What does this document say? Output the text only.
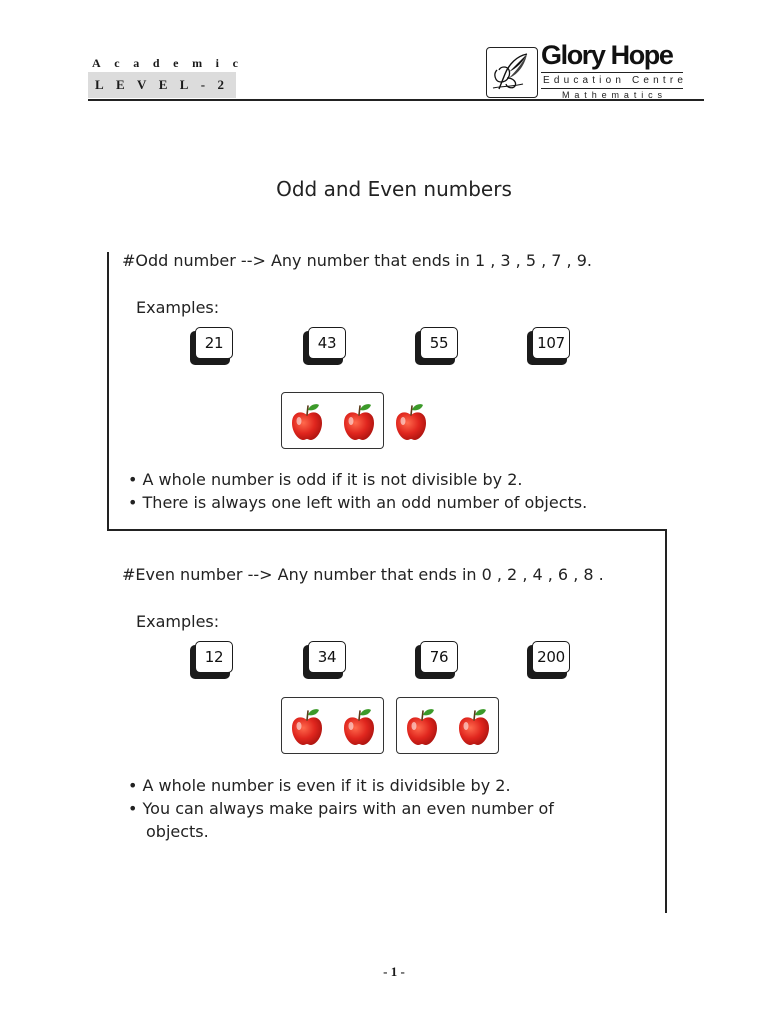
A c a d e m i c
L E V E L - 2
Glory Hope
E d u c a t i o n
C e n t r e
M a t h e m a t i c s
Odd and Even numbers
#Odd number --> Any number that ends in 1 , 3 , 5 , 7 , 9.
Examples:
21	43	55	107
• A whole number is odd if it is not divisible by 2.
• There is always one left with an odd number of objects.
#Even number --> Any number that ends in 0 , 2 , 4 , 6 , 8 .
Examples:
12	34	76	200
• A whole number is even if it is dividsible by 2.
• You can always make pairs with an even number of
objects.
- 1 -
